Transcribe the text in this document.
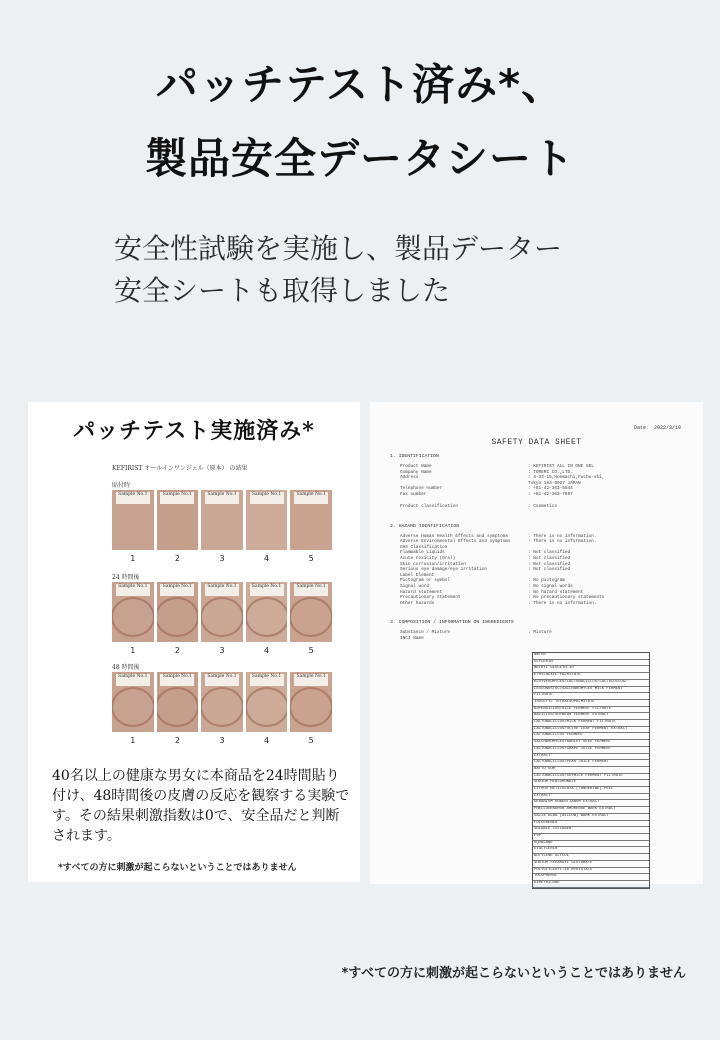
パッチテスト済み*、
製品安全データシート
安全性試験を実施し、製品データー
安全シートも取得しました
パッチテスト実施済み*
KEFIRIST オールインワンジェル（原本） の結果
貼付時
Sample No.1	Sample No.1	Sample No.1	Sample No.1	Sample No.1
1	2	3	4	5
24 時間後
Sample No.1	Sample No.1	Sample No.1	Sample No.1	Sample No.1
1	2	3	4	5
48 時間後
Sample No.1	Sample No.1	Sample No.1	Sample No.1	Sample No.1
1	2	3	4	5
40名以上の健康な男女に本商品を24時間貼り付け、48時間後の皮膚の反応を観察する実験です。その結果刺激指数は0で、安全品だと判断されます。
*すべての方に刺激が起こらないということではありません
Date： 2022/3/10
SAFETY DATA SHEET
1. IDENTIFICATION
Product Name	: KEFIRIST ALL IN ONE GEL
Company Name	: TOREMI CO.,LTD.
Address	: 4-33-15,Honmachi,Fuchu-shi,
Tokyo 183-0027 JAPAN
Telephone number	: +81-42-361-5544
Fax number	: +81-42-363-7687
Product classification	: Cosmetics
2. HAZARD IDENTIFICATION
Adverse Human Health Effects and symptoms	: There is no information.
Adverse Environmental Effects and symptoms	: There is no information.
GHS Classification
Flammable Liquids	: Not classified
Acute toxicity (Oral)	: Not classified
Skin corrosion/irritation	: Not classified
Serious eye damage/eye irritation	: Not classified
Label Element
Pictogram or symbol	: No pictogram
Signal word	: No signal words
Hazard statement	: No hazard statement
Precautionary statement	: No precautionary statements
Other hazards	: There is no information.
3. COMPOSITION / INFORMATION ON INGREDIENTS
Substance / Mixture	: Mixture
INCI Name
WATER
GLYCERIN
METHYL GLUCETH-10
ETHYLHEXYL PALMITATE
KLUYVEROMYCES/LACTOBACILLUS/LACTOCOCCUS/
LEUCONOSTOC/SACCHAROMYCES MILK FERMENT
FILTRATE
ISOCETYL TETRAISOPALMITATE
ASPERGILLUS/RICE FERMENT FILTRATE
BACILLUS/SOYBEAN FERMENT EXTRACT
LACTOBACILLUS/MILK FERMENT FILTRATE
LACTOBACILLUS/OLIVE LEAF FERMENT EXTRACT
LACTOBACILLUS FERMENT
SACCHAROMYCES/BARLEY SEED FERMENT
LACTOBACILLUS/GRAPE JUICE FERMENT
EXTRACT
LACTOBACILLUS/PEAR JUICE FERMENT
NATTO GUM
LACTOBACILLUS/SOYMILK FERMENT FILTRATE
SODIUM HYALURONATE
CITRUS RETICULATA (TANGERINE) PEEL
EXTRACT
GERANIUM ROBERTIANUM EXTRACT
PHELLODENDRON AMURENSE BARK EXTRACT
SALIX ALBA (WILLOW) BARK EXTRACT
FULLERENES
SOLUBLE COLLAGEN
PVP
SQUALANE
DIGLYCERIN
BUTYLENE GLYCOL
SODIUM STEAROYL GLUTAMATE
POLYGLYCERYL-10 MYRISTATE
TOCOPHEROL
DIMETHICONE
*すべての方に刺激が起こらないということではありません
